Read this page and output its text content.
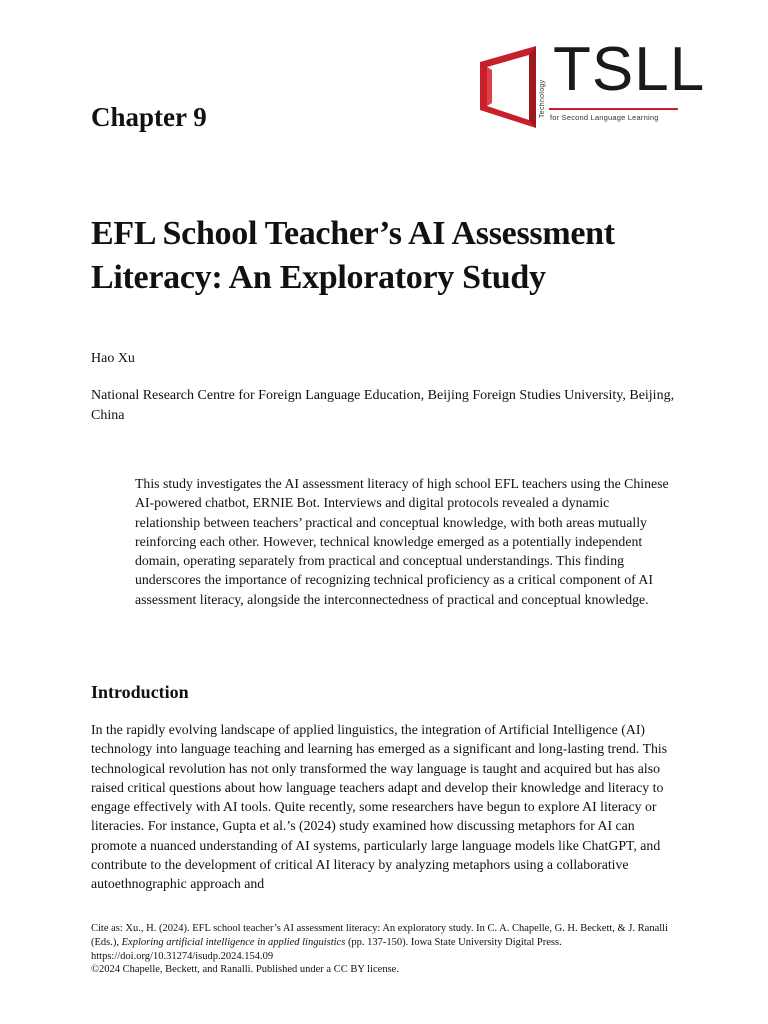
Technology TSLL
for Second Language Learning
Chapter 9
EFL School Teacher’s AI Assessment Literacy: An Exploratory Study
Hao Xu
National Research Centre for Foreign Language Education, Beijing Foreign Studies University, Beijing, China

This study investigates the AI assessment literacy of high school EFL teachers using the Chinese AI-powered chatbot, ERNIE Bot. Interviews and digital protocols revealed a dynamic relationship between teachers’ practical and conceptual knowledge, with both areas mutually reinforcing each other. However, technical knowledge emerged as a potentially independent domain, operating separately from practical and conceptual understandings. This finding underscores the importance of recognizing technical proficiency as a critical component of AI assessment literacy, alongside the interconnectedness of practical and conceptual knowledge.

Introduction

In the rapidly evolving landscape of applied linguistics, the integration of Artificial Intelligence (AI) technology into language teaching and learning has emerged as a significant and long-lasting trend. This technological revolution has not only transformed the way language is taught and acquired but has also raised critical questions about how language teachers adapt and develop their knowledge and literacy to engage effectively with AI tools. Quite recently, some researchers have begun to explore AI literacy or literacies. For instance, Gupta et al.’s (2024) study examined how discussing metaphors for AI can promote a nuanced understanding of AI systems, particularly large language models like ChatGPT, and contribute to the development of critical AI literacy by analyzing metaphors using a collaborative autoethnographic approach and

Cite as: Xu., H. (2024). EFL school teacher’s AI assessment literacy: An exploratory study. In C. A. Chapelle, G. H. Beckett, & J. Ranalli (Eds.), Exploring artificial intelligence in applied linguistics (pp. 137-150). Iowa State University Digital Press.
https://doi.org/10.31274/isudp.2024.154.09
©2024 Chapelle, Beckett, and Ranalli. Published under a CC BY license.
